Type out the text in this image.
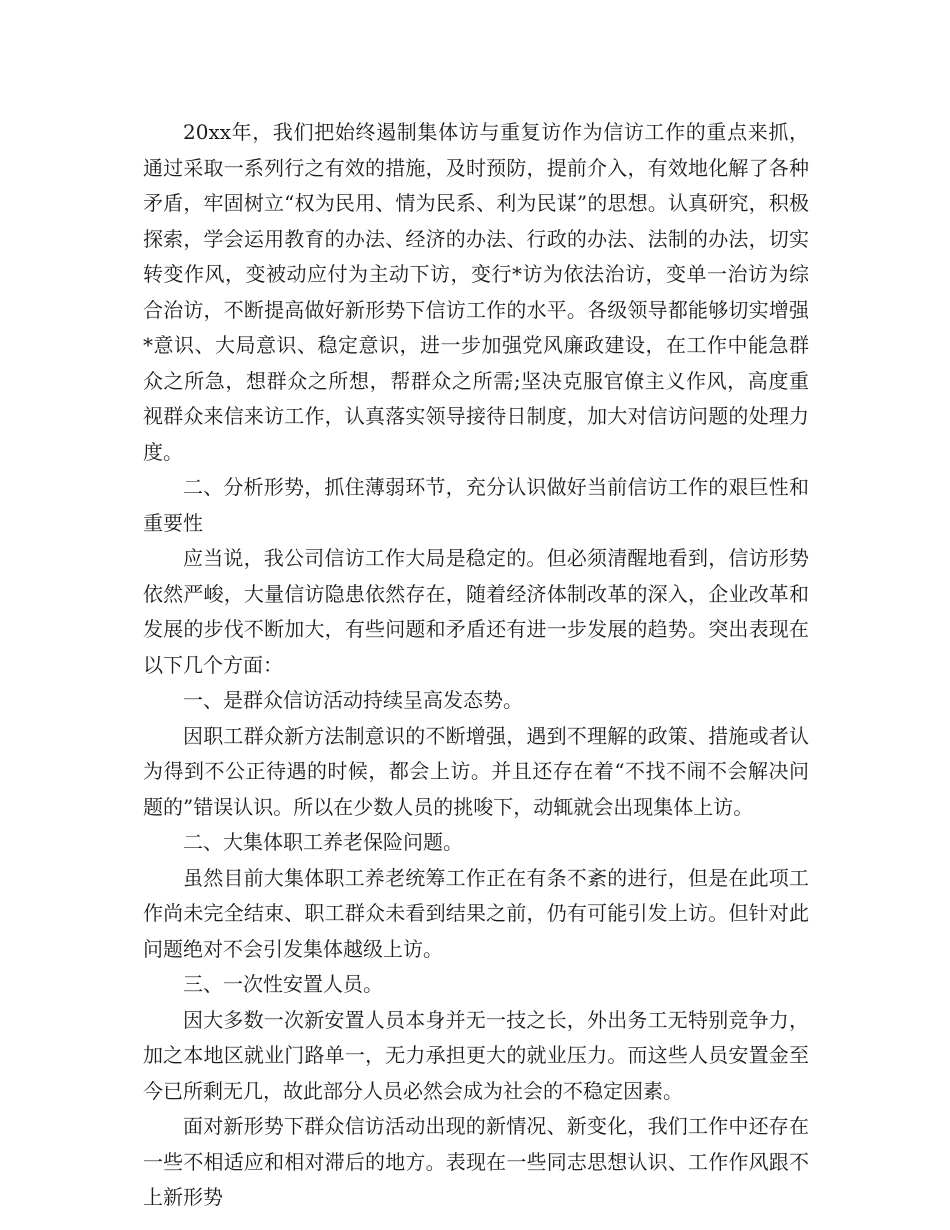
20xx年，我们把始终遏制集体访与重复访作为信访工作的重点来抓，通过采取一系列行之有效的措施，及时预防，提前介入，有效地化解了各种矛盾，牢固树立“权为民用、情为民系、利为民谋”的思想。认真研究，积极探索，学会运用教育的办法、经济的办法、行政的办法、法制的办法，切实转变作风，变被动应付为主动下访，变行*访为依法治访，变单一治访为综合治访，不断提高做好新形势下信访工作的水平。各级领导都能够切实增强*意识、大局意识、稳定意识，进一步加强党风廉政建设，在工作中能急群众之所急，想群众之所想，帮群众之所需;坚决克服官僚主义作风，高度重视群众来信来访工作，认真落实领导接待日制度，加大对信访问题的处理力度。

二、分析形势，抓住薄弱环节，充分认识做好当前信访工作的艰巨性和重要性

应当说，我公司信访工作大局是稳定的。但必须清醒地看到，信访形势依然严峻，大量信访隐患依然存在，随着经济体制改革的深入，企业改革和发展的步伐不断加大，有些问题和矛盾还有进一步发展的趋势。突出表现在以下几个方面：

一、是群众信访活动持续呈高发态势。

因职工群众新方法制意识的不断增强，遇到不理解的政策、措施或者认为得到不公正待遇的时候，都会上访。并且还存在着“不找不闹不会解决问题的”错误认识。所以在少数人员的挑唆下，动辄就会出现集体上访。

二、大集体职工养老保险问题。

虽然目前大集体职工养老统筹工作正在有条不紊的进行，但是在此项工作尚未完全结束、职工群众未看到结果之前，仍有可能引发上访。但针对此问题绝对不会引发集体越级上访。

三、一次性安置人员。

因大多数一次新安置人员本身并无一技之长，外出务工无特别竞争力，加之本地区就业门路单一，无力承担更大的就业压力。而这些人员安置金至今已所剩无几，故此部分人员必然会成为社会的不稳定因素。

面对新形势下群众信访活动出现的新情况、新变化，我们工作中还存在一些不相适应和相对滞后的地方。表现在一些同志思想认识、工作作风跟不上新形势
